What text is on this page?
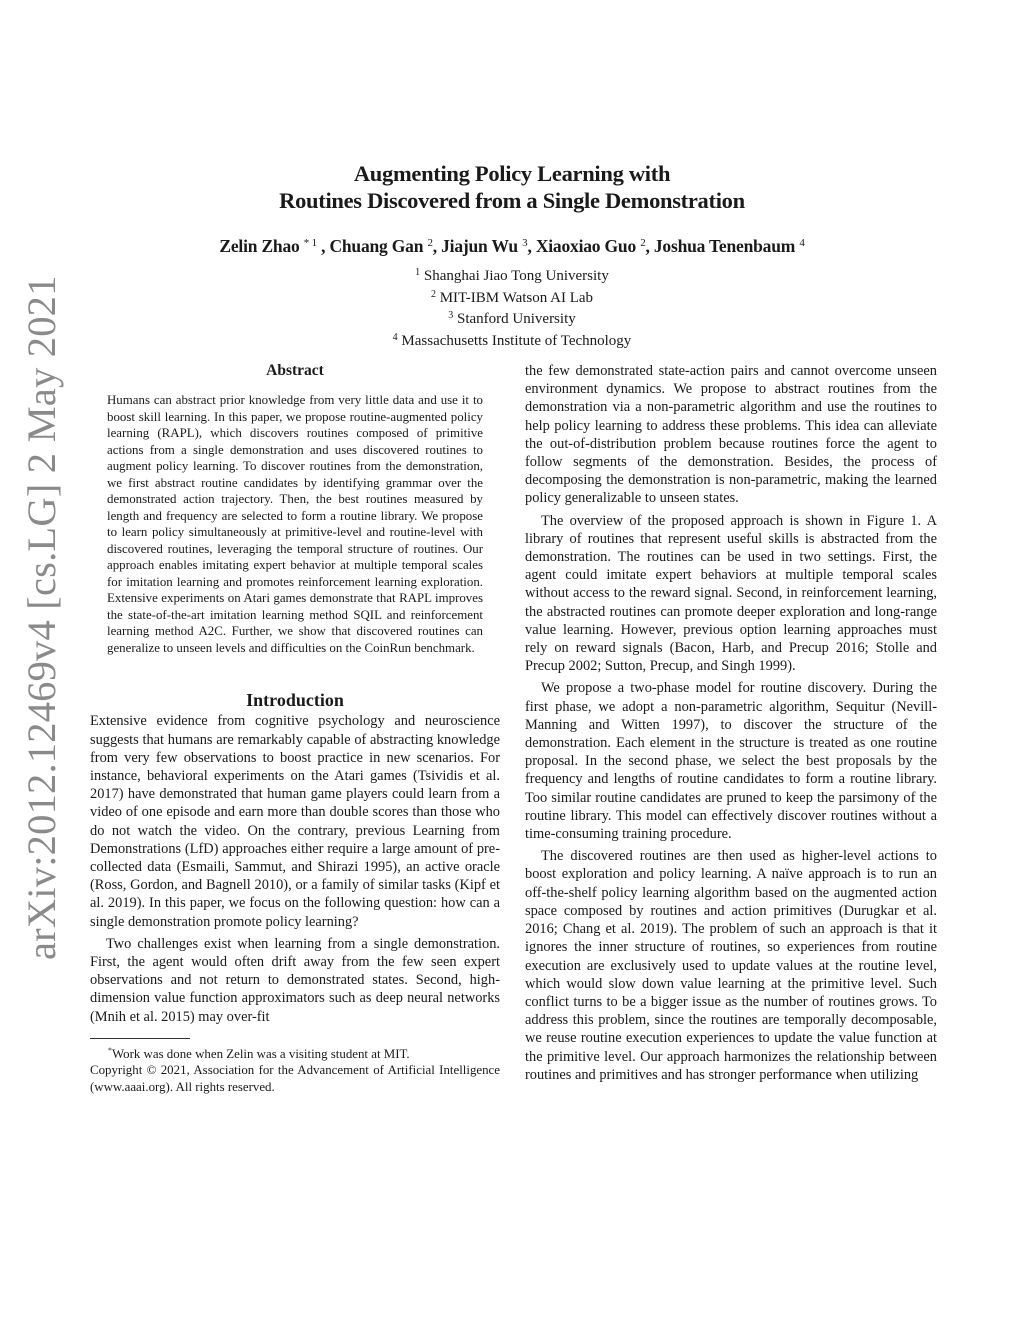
arXiv:2012.12469v4 [cs.LG] 2 May 2021
Augmenting Policy Learning with
Routines Discovered from a Single Demonstration
Zelin Zhao $^{* 1}$ , Chuang Gan $^2$, Jiajun Wu $^3$, Xiaoxiao Guo $^2$, Joshua Tenenbaum $^4$
$^1$ Shanghai Jiao Tong University
$^2$ MIT-IBM Watson AI Lab
$^3$ Stanford University
$^4$ Massachusetts Institute of Technology
Abstract

Humans can abstract prior knowledge from very little data and use it to boost skill learning. In this paper, we propose routine-augmented policy learning (RAPL), which discovers routines composed of primitive actions from a single demonstration and uses discovered routines to augment policy learning. To discover routines from the demonstration, we first abstract routine candidates by identifying grammar over the demonstrated action trajectory. Then, the best routines measured by length and frequency are selected to form a routine library. We propose to learn policy simultaneously at primitive-level and routine-level with discovered routines, leveraging the temporal structure of routines. Our approach enables imitating expert behavior at multiple temporal scales for imitation learning and promotes reinforcement learning exploration. Extensive experiments on Atari games demonstrate that RAPL improves the state-of-the-art imitation learning method SQIL and reinforcement learning method A2C. Further, we show that discovered routines can generalize to unseen levels and difficulties on the CoinRun benchmark.

Introduction

Extensive evidence from cognitive psychology and neuroscience suggests that humans are remarkably capable of abstracting knowledge from very few observations to boost practice in new scenarios. For instance, behavioral experiments on the Atari games (Tsividis et al. 2017) have demonstrated that human game players could learn from a video of one episode and earn more than double scores than those who do not watch the video. On the contrary, previous Learning from Demonstrations (LfD) approaches either require a large amount of pre-collected data (Esmaili, Sammut, and Shirazi 1995), an active oracle (Ross, Gordon, and Bagnell 2010), or a family of similar tasks (Kipf et al. 2019). In this paper, we focus on the following question: how can a single demonstration promote policy learning?

Two challenges exist when learning from a single demonstration. First, the agent would often drift away from the few seen expert observations and not return to demonstrated states. Second, high-dimension value function approximators such as deep neural networks (Mnih et al. 2015) may over-fit

*Work was done when Zelin was a visiting student at MIT.

Copyright © 2021, Association for the Advancement of Artificial Intelligence (www.aaai.org). All rights reserved.

the few demonstrated state-action pairs and cannot overcome unseen environment dynamics. We propose to abstract routines from the demonstration via a non-parametric algorithm and use the routines to help policy learning to address these problems. This idea can alleviate the out-of-distribution problem because routines force the agent to follow segments of the demonstration. Besides, the process of decomposing the demonstration is non-parametric, making the learned policy generalizable to unseen states.

The overview of the proposed approach is shown in Figure 1. A library of routines that represent useful skills is abstracted from the demonstration. The routines can be used in two settings. First, the agent could imitate expert behaviors at multiple temporal scales without access to the reward signal. Second, in reinforcement learning, the abstracted routines can promote deeper exploration and long-range value learning. However, previous option learning approaches must rely on reward signals (Bacon, Harb, and Precup 2016; Stolle and Precup 2002; Sutton, Precup, and Singh 1999).

We propose a two-phase model for routine discovery. During the first phase, we adopt a non-parametric algorithm, Sequitur (Nevill-Manning and Witten 1997), to discover the structure of the demonstration. Each element in the structure is treated as one routine proposal. In the second phase, we select the best proposals by the frequency and lengths of routine candidates to form a routine library. Too similar routine candidates are pruned to keep the parsimony of the routine library. This model can effectively discover routines without a time-consuming training procedure.

The discovered routines are then used as higher-level actions to boost exploration and policy learning. A naïve approach is to run an off-the-shelf policy learning algorithm based on the augmented action space composed by routines and action primitives (Durugkar et al. 2016; Chang et al. 2019). The problem of such an approach is that it ignores the inner structure of routines, so experiences from routine execution are exclusively used to update values at the routine level, which would slow down value learning at the primitive level. Such conflict turns to be a bigger issue as the number of routines grows. To address this problem, since the routines are temporally decomposable, we reuse routine execution experiences to update the value function at the primitive level. Our approach harmonizes the relationship between routines and primitives and has stronger performance when utilizing
